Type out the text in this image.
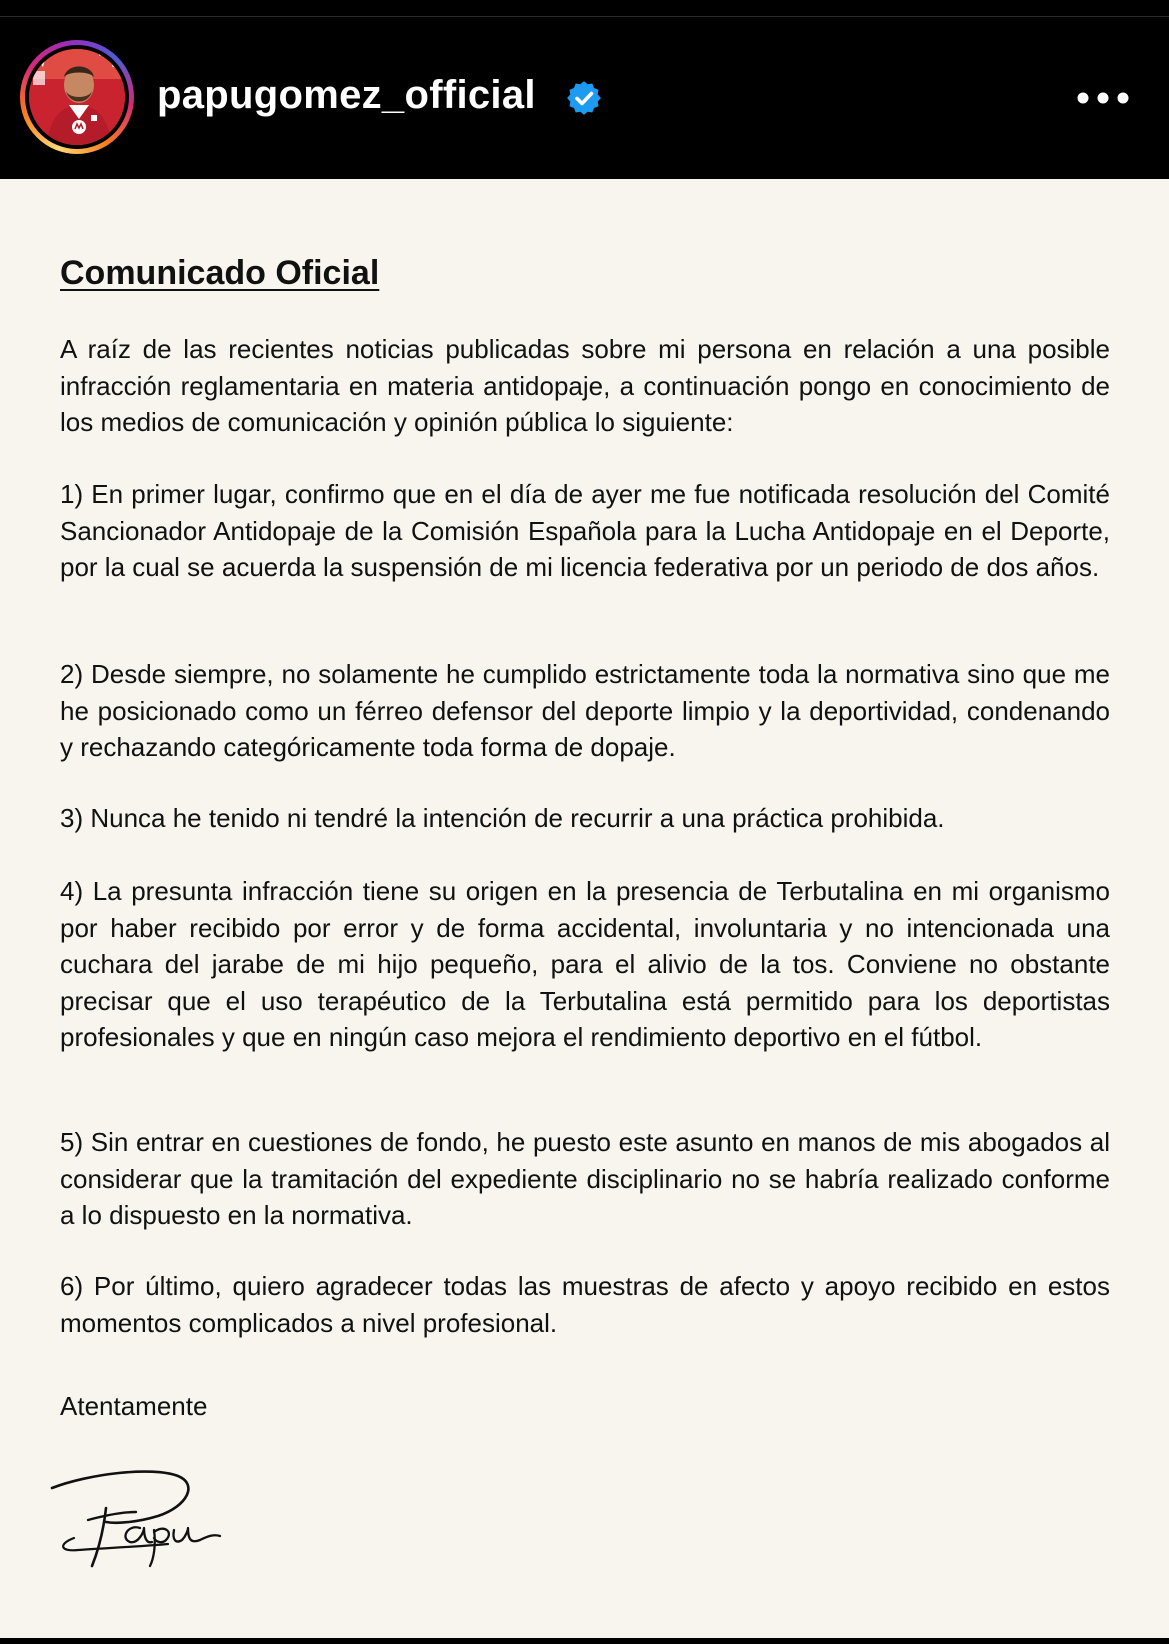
papugomez_official
Comunicado Oficial

A raíz de las recientes noticias publicadas sobre mi persona en relación a una posible infracción reglamentaria en materia antidopaje, a continuación pongo en conocimiento de los medios de comunicación y opinión pública lo siguiente:

1) En primer lugar, confirmo que en el día de ayer me fue notificada resolución del Comité Sancionador Antidopaje de la Comisión Española para la Lucha Antidopaje en el Deporte, por la cual se acuerda la suspensión de mi licencia federativa por un periodo de dos años.

2) Desde siempre, no solamente he cumplido estrictamente toda la normativa sino que me he posicionado como un férreo defensor del deporte limpio y la deportividad, condenando y rechazando categóricamente toda forma de dopaje.

3) Nunca he tenido ni tendré la intención de recurrir a una práctica prohibida.

4) La presunta infracción tiene su origen en la presencia de Terbutalina en mi organismo por haber recibido por error y de forma accidental, involuntaria y no intencionada una cuchara del jarabe de mi hijo pequeño, para el alivio de la tos. Conviene no obstante precisar que el uso terapéutico de la Terbutalina está permitido para los deportistas profesionales y que en ningún caso mejora el rendimiento deportivo en el fútbol.

5) Sin entrar en cuestiones de fondo, he puesto este asunto en manos de mis abogados al considerar que la tramitación del expediente disciplinario no se habría realizado conforme a lo dispuesto en la normativa.

6) Por último, quiero agradecer todas las muestras de afecto y apoyo recibido en estos momentos complicados a nivel profesional.

Atentamente
